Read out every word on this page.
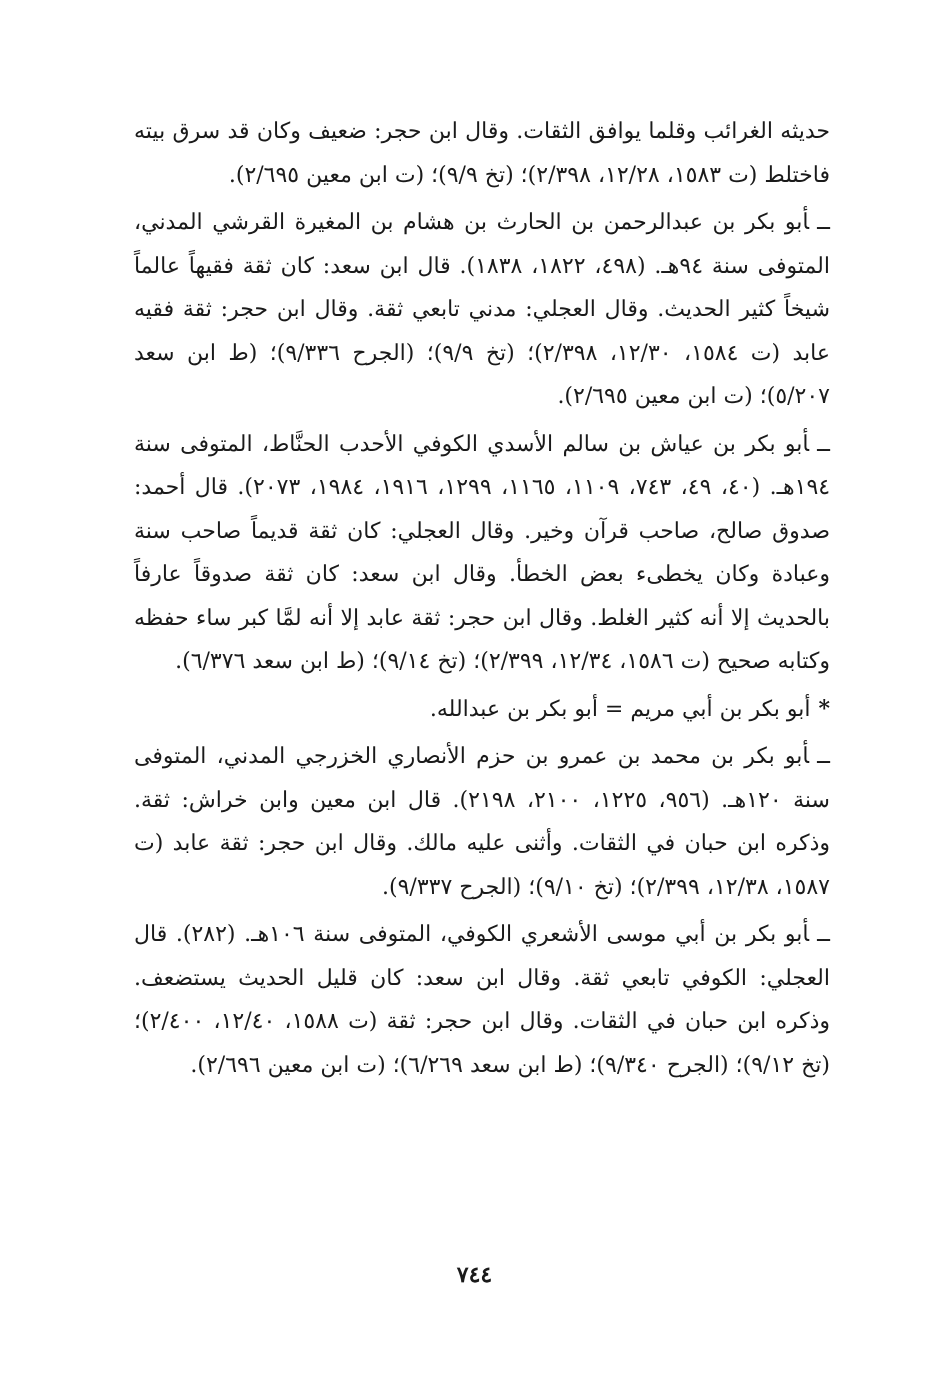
حديثه الغرائب وقلما يوافق الثقات. وقال ابن حجر: ضعيف وكان قد سرق بيته فاختلط (ت ١٥٨٣، ١٢/٢٨، ٢/٣٩٨)؛ (تخ ٩/٩)؛ (ت ابن معين ٢/٦٩٥).

ــأبو بكر بن عبدالرحمن بن الحارث بن هشام بن المغيرة القرشي المدني، المتوفى سنة ٩٤هـ. (٤٩٨، ١٨٢٢، ١٨٣٨). قال ابن سعد: كان ثقة فقيهاً عالماً شيخاً كثير الحديث. وقال العجلي: مدني تابعي ثقة. وقال ابن حجر: ثقة فقيه عابد (ت ١٥٨٤، ١٢/٣٠، ٢/٣٩٨)؛ (تخ ٩/٩)؛ (الجرح ٩/٣٣٦)؛ (ط ابن سعد ٥/٢٠٧)؛ (ت ابن معين ٢/٦٩٥).

ــأبو بكر بن عياش بن سالم الأسدي الكوفي الأحدب الحنَّاط، المتوفى سنة ١٩٤هـ. (٤٠، ٤٩، ٧٤٣، ١١٠٩، ١١٦٥، ١٢٩٩، ١٩١٦، ١٩٨٤، ٢٠٧٣). قال أحمد: صدوق صالح، صاحب قرآن وخير. وقال العجلي: كان ثقة قديماً صاحب سنة وعبادة وكان يخطىء بعض الخطأ. وقال ابن سعد: كان ثقة صدوقاً عارفاً بالحديث إلا أنه كثير الغلط. وقال ابن حجر: ثقة عابد إلا أنه لمَّا كبر ساء حفظه وكتابه صحيح (ت ١٥٨٦، ١٢/٣٤، ٢/٣٩٩)؛ (تخ ٩/١٤)؛ (ط ابن سعد ٦/٣٧٦).

*أبو بكر بن أبي مريم = أبو بكر بن عبدالله.

ــأبو بكر بن محمد بن عمرو بن حزم الأنصاري الخزرجي المدني، المتوفى سنة ١٢٠هـ. (٩٥٦، ١٢٢٥، ٢١٠٠، ٢١٩٨). قال ابن معين وابن خراش: ثقة. وذكره ابن حبان في الثقات. وأثنى عليه مالك. وقال ابن حجر: ثقة عابد (ت ١٥٨٧، ١٢/٣٨، ٢/٣٩٩)؛ (تخ ٩/١٠)؛ (الجرح ٩/٣٣٧).

ــأبو بكر بن أبي موسى الأشعري الكوفي، المتوفى سنة ١٠٦هـ. (٢٨٢). قال العجلي: الكوفي تابعي ثقة. وقال ابن سعد: كان قليل الحديث يستضعف. وذكره ابن حبان في الثقات. وقال ابن حجر: ثقة (ت ١٥٨٨، ١٢/٤٠، ٢/٤٠٠)؛ (تخ ٩/١٢)؛ (الجرح ٩/٣٤٠)؛ (ط ابن سعد ٦/٢٦٩)؛ (ت ابن معين ٢/٦٩٦).

٧٤٤
